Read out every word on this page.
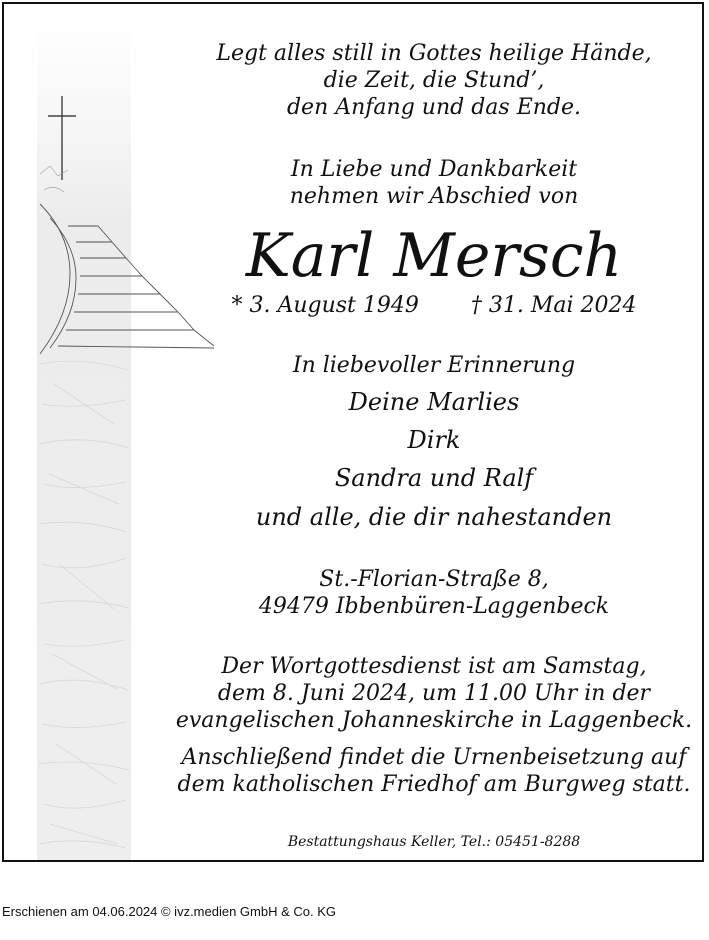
Legt alles still in Gottes heilige Hände,
die Zeit, die Stund’,
den Anfang und das Ende.
In Liebe und Dankbarkeit
nehmen wir Abschied von
Karl Mersch
* 3. August 1949 † 31. Mai 2024
In liebevoller Erinnerung
Deine Marlies
Dirk
Sandra und Ralf
und alle, die dir nahestanden
St.-Florian-Straße 8,
49479 Ibbenbüren-Laggenbeck
Der Wortgottesdienst ist am Samstag,
dem 8. Juni 2024, um 11.00 Uhr in der
evangelischen Johanneskirche in Laggenbeck.
Anschließend findet die Urnenbeisetzung auf
dem katholischen Friedhof am Burgweg statt.
Bestattungshaus Keller, Tel.: 05451-8288
Erschienen am 04.06.2024 © ivz.medien GmbH & Co. KG
